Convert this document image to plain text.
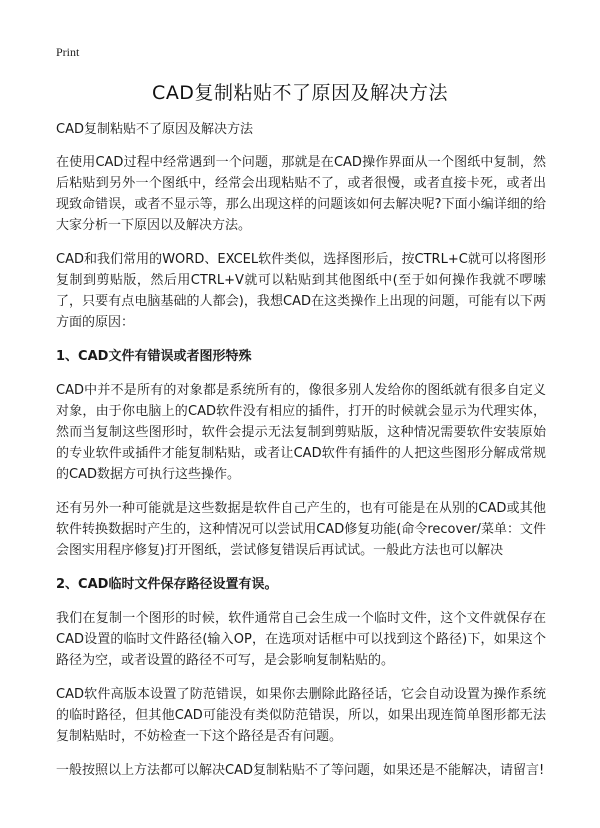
Print
CAD复制粘贴不了原因及解决方法

CAD复制粘贴不了原因及解决方法

在使用CAD过程中经常遇到一个问题，那就是在CAD操作界面从一个图纸中复制，然后粘贴到另外一个图纸中，经常会出现粘贴不了，或者很慢，或者直接卡死，或者出现致命错误，或者不显示等，那么出现这样的问题该如何去解决呢?下面小编详细的给大家分析一下原因以及解决方法。

CAD和我们常用的WORD、EXCEL软件类似，选择图形后，按CTRL+C就可以将图形复制到剪贴版，然后用CTRL+V就可以粘贴到其他图纸中(至于如何操作我就不啰嗦了，只要有点电脑基础的人都会)，我想CAD在这类操作上出现的问题，可能有以下两方面的原因：

1、CAD文件有错误或者图形特殊

CAD中并不是所有的对象都是系统所有的，像很多别人发给你的图纸就有很多自定义对象，由于你电脑上的CAD软件没有相应的插件，打开的时候就会显示为代理实体，然而当复制这些图形时，软件会提示无法复制到剪贴版，这种情况需要软件安装原始的专业软件或插件才能复制粘贴，或者让CAD软件有插件的人把这些图形分解成常规的CAD数据方可执行这些操作。

还有另外一种可能就是这些数据是软件自己产生的，也有可能是在从别的CAD或其他软件转换数据时产生的，这种情况可以尝试用CAD修复功能(命令recover/菜单：文件会图实用程序修复)打开图纸，尝试修复错误后再试试。一般此方法也可以解决

2、CAD临时文件保存路径设置有误。

我们在复制一个图形的时候，软件通常自己会生成一个临时文件，这个文件就保存在CAD设置的临时文件路径(输入OP，在选项对话框中可以找到这个路径)下，如果这个路径为空，或者设置的路径不可写，是会影响复制粘贴的。

CAD软件高版本设置了防范错误，如果你去删除此路径话，它会自动设置为操作系统的临时路径，但其他CAD可能没有类似防范错误，所以，如果出现连简单图形都无法复制粘贴时，不妨检查一下这个路径是否有问题。

一般按照以上方法都可以解决CAD复制粘贴不了等问题，如果还是不能解决，请留言!
